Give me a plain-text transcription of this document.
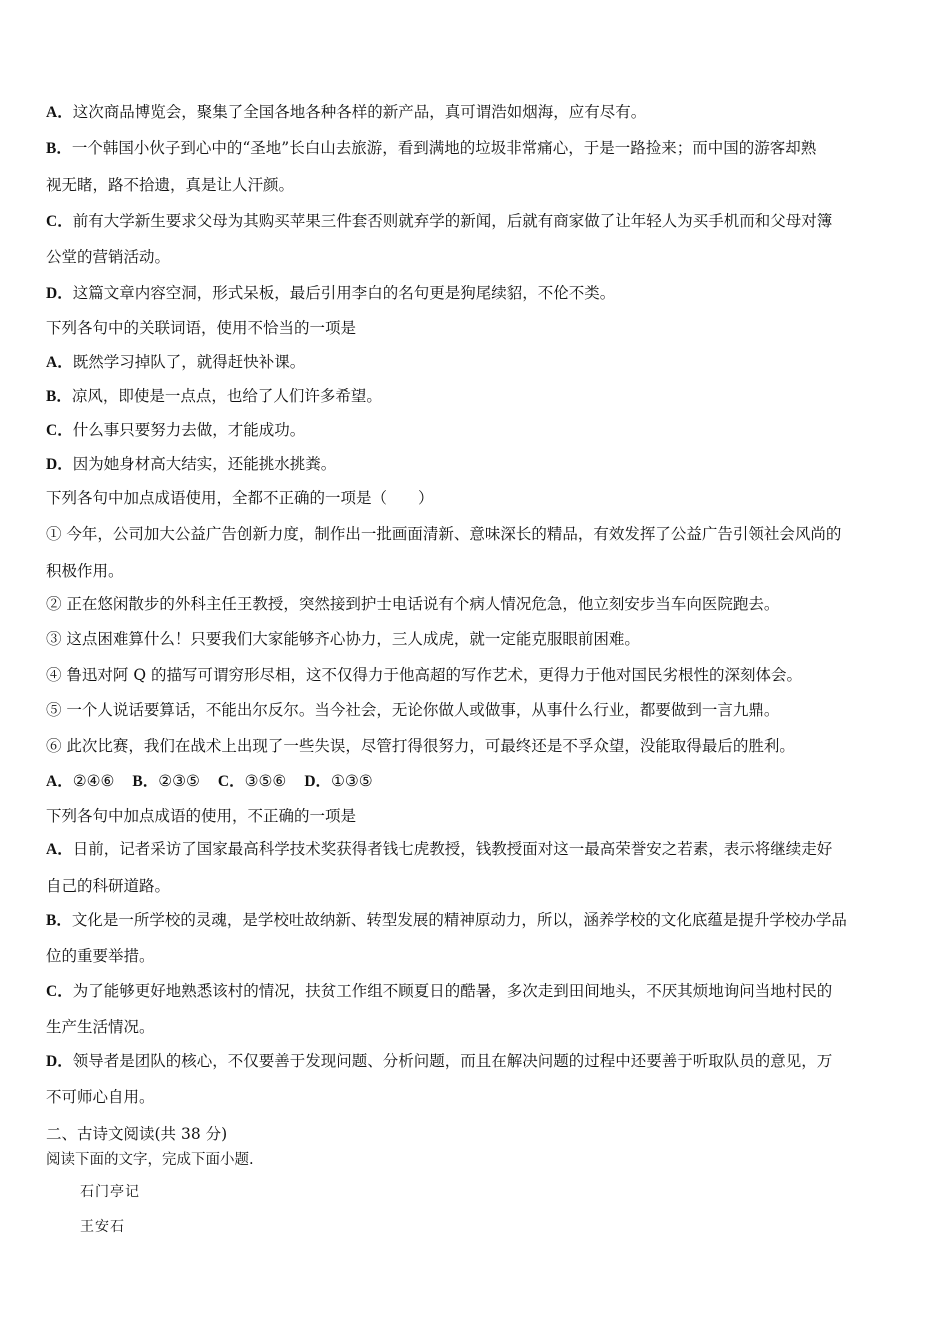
A．这次商品博览会，聚集了全国各地各种各样的新产品，真可谓浩如烟海，应有尽有。
B．一个韩国小伙子到心中的“圣地”长白山去旅游，看到满地的垃圾非常痛心，于是一路捡来；而中国的游客却熟
视无睹，路不拾遗，真是让人汗颜。
C．前有大学新生要求父母为其购买苹果三件套否则就弃学的新闻，后就有商家做了让年轻人为买手机而和父母对簿
公堂的营销活动。
D．这篇文章内容空洞，形式呆板，最后引用李白的名句更是狗尾续貂，不伦不类。
下列各句中的关联词语，使用不恰当的一项是
A．既然学习掉队了，就得赶快补课。
B．凉风，即使是一点点，也给了人们许多希望。
C．什么事只要努力去做，才能成功。
D．因为她身材高大结实，还能挑水挑粪。
下列各句中加点成语使用，全都不正确的一项是（　　）
① 今年，公司加大公益广告创新力度，制作出一批画面清新、意味深长的精品，有效发挥了公益广告引领社会风尚的
积极作用。
② 正在悠闲散步的外科主任王教授，突然接到护士电话说有个病人情况危急，他立刻安步当车向医院跑去。
③ 这点困难算什么！只要我们大家能够齐心协力，三人成虎，就一定能克服眼前困难。
④ 鲁迅对阿 Q 的描写可谓穷形尽相，这不仅得力于他高超的写作艺术，更得力于他对国民劣根性的深刻体会。
⑤ 一个人说话要算话，不能出尔反尔。当今社会，无论你做人或做事，从事什么行业，都要做到一言九鼎。
⑥ 此次比赛，我们在战术上出现了一些失误，尽管打得很努力，可最终还是不孚众望，没能取得最后的胜利。
A．②④⑥ B．②③⑤ C．③⑤⑥ D．①③⑤
下列各句中加点成语的使用，不正确的一项是
A．日前，记者采访了国家最高科学技术奖获得者钱七虎教授，钱教授面对这一最高荣誉安之若素，表示将继续走好
自己的科研道路。
B．文化是一所学校的灵魂，是学校吐故纳新、转型发展的精神原动力，所以，涵养学校的文化底蕴是提升学校办学品
位的重要举措。
C．为了能够更好地熟悉该村的情况，扶贫工作组不顾夏日的酷暑，多次走到田间地头，不厌其烦地询问当地村民的
生产生活情况。
D．领导者是团队的核心，不仅要善于发现问题、分析问题，而且在解决问题的过程中还要善于听取队员的意见，万
不可师心自用。
二、古诗文阅读(共 38 分)
阅读下面的文字，完成下面小题.
石门亭记
王安石
